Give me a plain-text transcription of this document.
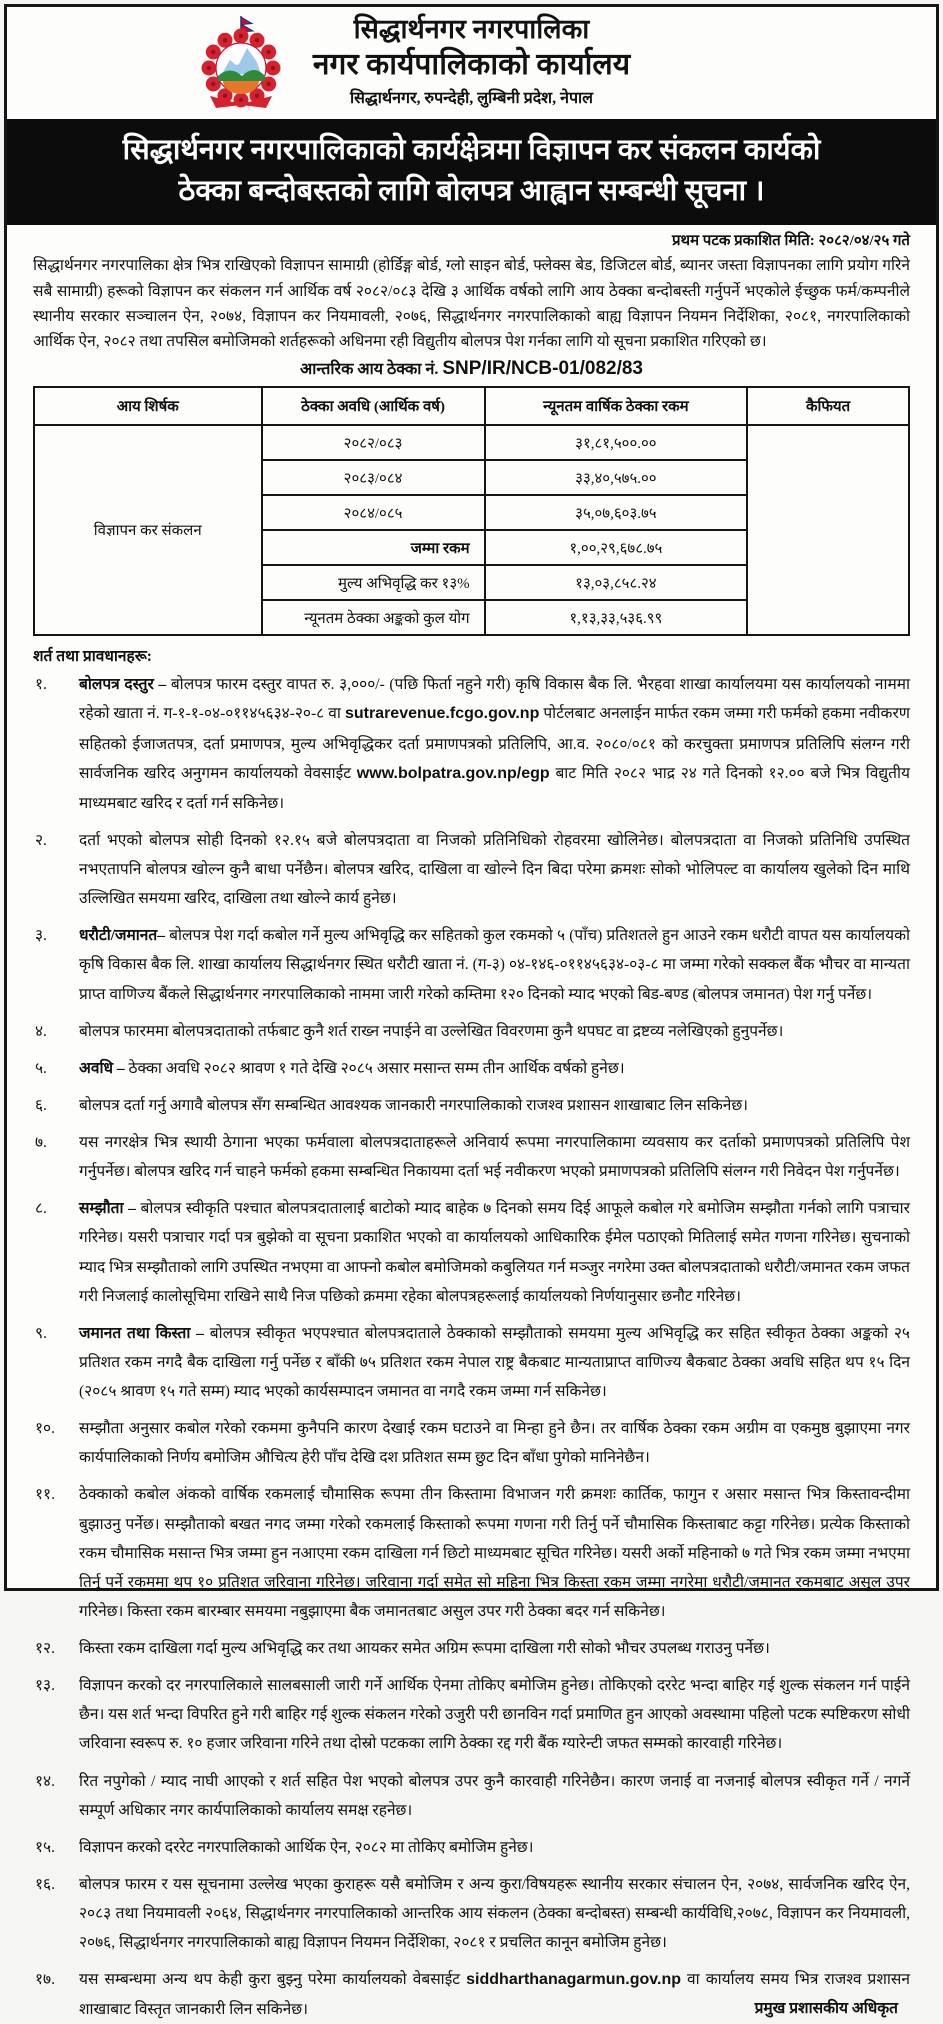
सिद्धार्थनगर नगरपालिका
नगर कार्यपालिकाको कार्यालय
सिद्धार्थनगर, रुपन्देही, लुम्बिनी प्रदेश, नेपाल
सिद्धार्थनगर नगरपालिकाको कार्यक्षेत्रमा विज्ञापन कर संकलन कार्यको
ठेक्का बन्दोबस्तको लागि बोलपत्र आह्वान सम्बन्धी सूचना ।
प्रथम पटक प्रकाशित मिति: २०८२/०४/२५ गते
सिद्धार्थनगर नगरपालिका क्षेत्र भित्र राखिएको विज्ञापन सामाग्री (होर्डिङ्ग बोर्ड, ग्लो साइन बोर्ड, फ्लेक्स बेड, डिजिटल बोर्ड, ब्यानर जस्ता विज्ञापनका लागि प्रयोग गरिने सबै सामाग्री) हरूको विज्ञापन कर संकलन गर्न आर्थिक वर्ष २०८२/०८३ देखि ३ आर्थिक वर्षको लागि आय ठेक्का बन्दोबस्ती गर्नुपर्ने भएकोले ईच्छुक फर्म/कम्पनीले स्थानीय सरकार सञ्चालन ऐन, २०७४, विज्ञापन कर नियमावली, २०७६, सिद्धार्थनगर नगरपालिकाको बाह्य विज्ञापन नियमन निर्देशिका, २०८१, नगरपालिकाको आर्थिक ऐन, २०८२ तथा तपसिल बमोजिमको शर्तहरूको अधिनमा रही विद्युतीय बोलपत्र पेश गर्नका लागि यो सूचना प्रकाशित गरिएको छ।
आन्तरिक आय ठेक्का नं. SNP/IR/NCB-01/082/83
आय शिर्षक	ठेक्का अवधि (आर्थिक वर्ष)	न्यूनतम वार्षिक ठेक्का रकम	कैफियत
विज्ञापन कर संकलन	२०८२/०८३	३१,८१,५००.००	
	२०८३/०८४	३३,४०,५७५.००	
	२०८४/०८५	३५,०७,६०३.७५	
	जम्मा रकम	१,००,२९,६७८.७५	
	मुल्य अभिवृद्धि कर १३%	१३,०३,८५८.२४	
	न्यूनतम ठेक्का अङ्कको कुल योग	१,१३,३३,५३६.९९	
शर्त तथा प्रावधानहरू:
१.	बोलपत्र दस्तुर – बोलपत्र फारम दस्तुर वापत रु. ३,०००/- (पछि फिर्ता नहुने गरी) कृषि विकास बैक लि. भैरहवा शाखा कार्यालयमा यस कार्यालयको नाममा रहेको खाता नं. ग-१-१-०४-०११४५६३४-२०-८ वा sutrarevenue.fcgo.gov.np पोर्टलबाट अनलाईन मार्फत रकम जम्मा गरी फर्मको हकमा नवीकरण सहितको ईजाजतपत्र, दर्ता प्रमाणपत्र, मुल्य अभिवृद्धिकर दर्ता प्रमाणपत्रको प्रतिलिपि, आ.व. २०८०/०८१ को करचुक्ता प्रमाणपत्र प्रतिलिपि संलग्न गरी सार्वजनिक खरिद अनुगमन कार्यालयको वेवसाईट www.bolpatra.gov.np/egp बाट मिति २०८२ भाद्र २४ गते दिनको १२.०० बजे भित्र विद्युतीय माध्यमबाट खरिद र दर्ता गर्न सकिनेछ।
२.	दर्ता भएको बोलपत्र सोही दिनको १२.१५ बजे बोलपत्रदाता वा निजको प्रतिनिधिको रोहवरमा खोलिनेछ। बोलपत्रदाता वा निजको प्रतिनिधि उपस्थित नभएतापनि बोलपत्र खोल्न कुनै बाधा पर्नेछैन। बोलपत्र खरिद, दाखिला वा खोल्ने दिन बिदा परेमा क्रमशः सोको भोलिपल्ट वा कार्यालय खुलेको दिन माथि उल्लिखित समयमा खरिद, दाखिला तथा खोल्ने कार्य हुनेछ।
३.	धरौटी/जमानत– बोलपत्र पेश गर्दा कबोल गर्ने मुल्य अभिवृद्धि कर सहितको कुल रकमको ५ (पाँच) प्रतिशतले हुन आउने रकम धरौटी वापत यस कार्यालयको कृषि विकास बैक लि. शाखा कार्यालय सिद्धार्थनगर स्थित धरौटी खाता नं. (ग-३) ०४-१४६-०११४५६३४-०३-८ मा जम्मा गरेको सक्कल बैंक भौचर वा मान्यता प्राप्त वाणिज्य बैंकले सिद्धार्थनगर नगरपालिकाको नाममा जारी गरेको कम्तिमा १२० दिनको म्याद भएको बिड-बण्ड (बोलपत्र जमानत) पेश गर्नु पर्नेछ।
४.	बोलपत्र फारममा बोलपत्रदाताको तर्फबाट कुनै शर्त राख्न नपाईने वा उल्लेखित विवरणमा कुनै थपघट वा द्रष्टव्य नलेखिएको हुनुपर्नेछ।
५.	अवधि – ठेक्का अवधि २०८२ श्रावण १ गते देखि २०८५ असार मसान्त सम्म तीन आर्थिक वर्षको हुनेछ।
६.	बोलपत्र दर्ता गर्नु अगावै बोलपत्र सँग सम्बन्धित आवश्यक जानकारी नगरपालिकाको राजश्व प्रशासन शाखाबाट लिन सकिनेछ।
७.	यस नगरक्षेत्र भित्र स्थायी ठेगाना भएका फर्मवाला बोलपत्रदाताहरूले अनिवार्य रूपमा नगरपालिकामा व्यवसाय कर दर्ताको प्रमाणपत्रको प्रतिलिपि पेश गर्नुपर्नेछ। बोलपत्र खरिद गर्न चाहने फर्मको हकमा सम्बन्धित निकायमा दर्ता भई नवीकरण भएको प्रमाणपत्रको प्रतिलिपि संलग्न गरी निवेदन पेश गर्नुपर्नेछ।
८.	सम्झौता – बोलपत्र स्वीकृति पश्चात बोलपत्रदातालाई बाटोको म्याद बाहेक ७ दिनको समय दिई आफूले कबोल गरे बमोजिम सम्झौता गर्नको लागि पत्राचार गरिनेछ। यसरी पत्राचार गर्दा पत्र बुझेको वा सूचना प्रकाशित भएको वा कार्यालयको आधिकारिक ईमेल पठाएको मितिलाई समेत गणना गरिनेछ। सुचनाको म्याद भित्र सम्झौताको लागि उपस्थित नभएमा वा आफ्नो कबोल बमोजिमको कबुलियत गर्न मञ्जुर नगरेमा उक्त बोलपत्रदाताको धरौटी/जमानत रकम जफत गरी निजलाई कालोसूचिमा राखिने साथै निज पछिको क्रममा रहेका बोलपत्रहरूलाई कार्यालयको निर्णयानुसार छनौट गरिनेछ।
९.	जमानत तथा किस्ता – बोलपत्र स्वीकृत भएपश्चात बोलपत्रदाताले ठेक्काको सम्झौताको समयमा मुल्य अभिवृद्धि कर सहित स्वीकृत ठेक्का अङ्कको २५ प्रतिशत रकम नगदै बैक दाखिला गर्नु पर्नेछ र बाँकी ७५ प्रतिशत रकम नेपाल राष्ट्र बैकबाट मान्यताप्राप्त वाणिज्य बैकबाट ठेक्का अवधि सहित थप १५ दिन (२०८५ श्रावण १५ गते सम्म) म्याद भएको कार्यसम्पादन जमानत वा नगदै रकम जम्मा गर्न सकिनेछ।
१०.	सम्झौता अनुसार कबोल गरेको रकममा कुनैपनि कारण देखाई रकम घटाउने वा मिन्हा हुने छैन। तर वार्षिक ठेक्का रकम अग्रीम वा एकमुष्ठ बुझाएमा नगर कार्यपालिकाको निर्णय बमोजिम औचित्य हेरी पाँच देखि दश प्रतिशत सम्म छुट दिन बाँधा पुगेको मानिनेछैन।
११.	ठेक्काको कबोल अंकको वार्षिक रकमलाई चौमासिक रूपमा तीन किस्तामा विभाजन गरी क्रमशः कार्तिक, फागुन र असार मसान्त भित्र किस्तावन्दीमा बुझाउनु पर्नेछ। सम्झौताको बखत नगद जम्मा गरेको रकमलाई किस्ताको रूपमा गणना गरी तिर्नु पर्ने चौमासिक किस्ताबाट कट्टा गरिनेछ। प्रत्येक किस्ताको रकम चौमासिक मसान्त भित्र जम्मा हुन नआएमा रकम दाखिला गर्न छिटो माध्यमबाट सूचित गरिनेछ। यसरी अर्को महिनाको ७ गते भित्र रकम जम्मा नभएमा तिर्नु पर्ने रकममा थप १० प्रतिशत जरिवाना गरिनेछ। जरिवाना गर्दा समेत सो महिना भित्र किस्ता रकम जम्मा नगरेमा धरौटी/जमानत रकमबाट असुल उपर गरिनेछ। किस्ता रकम बारम्बार समयमा नबुझाएमा बैक जमानतबाट असुल उपर गरी ठेक्का बदर गर्न सकिनेछ।
१२.	किस्ता रकम दाखिला गर्दा मुल्य अभिवृद्धि कर तथा आयकर समेत अग्रिम रूपमा दाखिला गरी सोको भौचर उपलब्ध गराउनु पर्नेछ।
१३.	विज्ञापन करको दर नगरपालिकाले सालबसाली जारी गर्ने आर्थिक ऐनमा तोकिए बमोजिम हुनेछ। तोकिएको दररेट भन्दा बाहिर गई शुल्क संकलन गर्न पाईने छैन। यस शर्त भन्दा विपरित हुने गरी बाहिर गई शुल्क संकलन गरेको उजुरी परी छानविन गर्दा प्रमाणित हुन आएको अवस्थामा पहिलो पटक स्पष्टिकरण सोधी जरिवाना स्वरूप रु. १० हजार जरिवाना गरिने तथा दोस्रो पटकका लागि ठेक्का रद्द गरी बैंक ग्यारेन्टी जफत सम्मको कारवाही गरिनेछ।
१४.	रित नपुगेको / म्याद नाघी आएको र शर्त सहित पेश भएको बोलपत्र उपर कुनै कारवाही गरिनेछैन। कारण जनाई वा नजनाई बोलपत्र स्वीकृत गर्ने / नगर्ने सम्पूर्ण अधिकार नगर कार्यपालिकाको कार्यालय समक्ष रहनेछ।
१५.	विज्ञापन करको दररेट नगरपालिकाको आर्थिक ऐन, २०८२ मा तोकिए बमोजिम हुनेछ।
१६.	बोलपत्र फारम र यस सूचनामा उल्लेख भएका कुराहरू यसै बमोजिम र अन्य कुरा/विषयहरू स्थानीय सरकार संचालन ऐन, २०७४, सार्वजनिक खरिद ऐन, २०८३ तथा नियमावली २०६४, सिद्धार्थनगर नगरपालिकाको आन्तरिक आय संकलन (ठेक्का बन्दोबस्त) सम्बन्धी कार्यविधि,२०७८, विज्ञापन कर नियमावली, २०७६, सिद्धार्थनगर नगरपालिकाको बाह्य विज्ञापन नियमन निर्देशिका, २०८१ र प्रचलित कानून बमोजिम हुनेछ।
१७.	यस सम्बन्धमा अन्य थप केही कुरा बुझ्नु परेमा कार्यालयको वेबसाईट siddharthanagarmun.gov.np वा कार्यालय समय भित्र राजश्व प्रशासन शाखाबाट विस्तृत जानकारी लिन सकिनेछ।	प्रमुख प्रशासकीय अधिकृत
